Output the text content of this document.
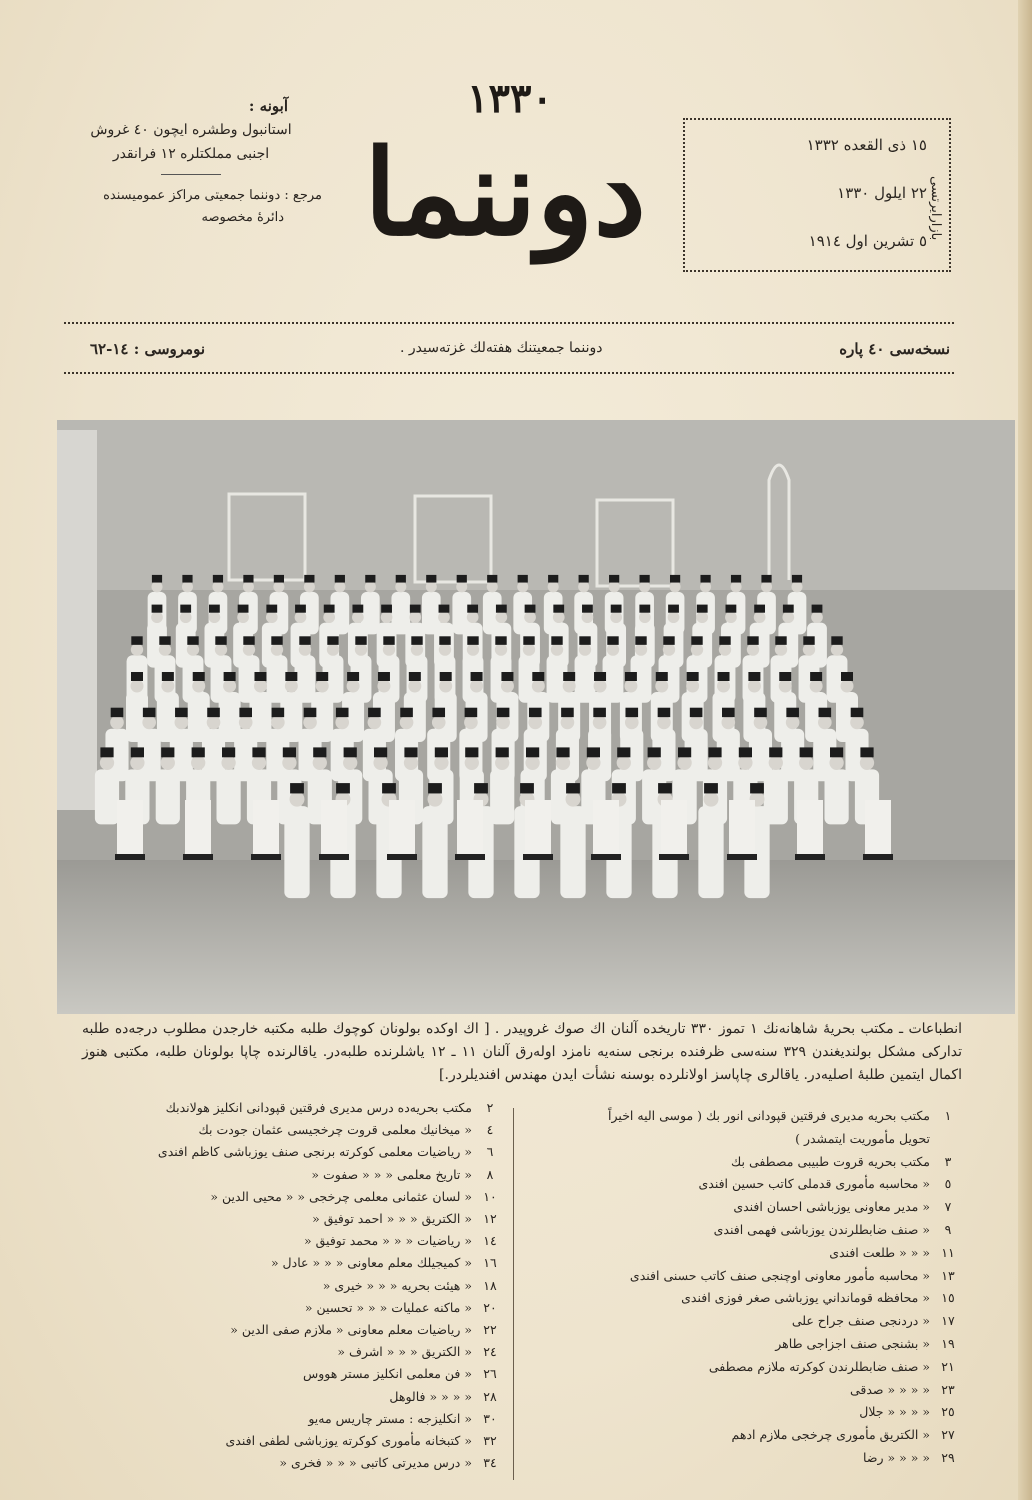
١٣٣٠
دوننما
آبونه :
استانبول وطشره ايچون ٤٠ غروش
اجنبی مملكتلره ١٢ فرانقدر
مرجع : دوننما جمعيتی مراكز عموميسنده
دائرهٔ مخصوصه	بازارایرتسی
١٥ ذی القعده ١٣٣٢
٢٢ ايلول ١٣٣٠
٥ تشرين اول ١٩١٤
نسخه‌سی ٤٠ پاره
دوننما جمعيتنك هفته‌لك غزته‌سيدر .
نومروسی : ١٤-٦٢
انطباعات ـ مكتب بحريهٔ شاهانه‌نك ١ تموز ٣٣٠ تاريخده آلنان اك صوك غروپيدر . [ اك اوكده بولونان كوچوك طلبه مكتبه خارجدن مطلوب درجه‌ده طلبه تداركی مشكل بولنديغندن ٣٢٩ سنه‌سی ظرفنده برنجی سنه‌يه نامزد اوله‌رق آلنان ١١ ـ ١٢ ياشلرنده طلبه‌در. ياقالرنده چاپا بولونان طلبه، مكتبی هنوز اكمال ايتمين طلبهٔ اصليه‌در. ياقالری چاپاسز اولانلرده بوسنه نشأت ايدن مهندس افنديلردر.]
مكتب بحريه مديری فرقتين قپودانی انور بك ( موسی اليه اخيراً	١
تحويل مأموريت ايتمشدر )
مكتب بحريه قروت طبيبی مصطفی بك	٣
« محاسبه مأموری قدملی كاتب حسين افندی	٥
« مدير معاونی يوزباشی احسان افندی	٧
« صنف ضابطلرندن يوزباشی فهمی افندی	٩
« « « طلعت افندی ١١
« محاسبه مأمور معاونی اوچنجی صنف كاتب حسنی افندی ١٣
« محافظه قومانداني يوزباشی صغر فوزی افندی ١٥
« دردنجی صنف جراح علی ١٧
« بشنجی صنف اجزاجی طاهر ١٩
« صنف ضابطلرندن كوكرته ملازم مصطفی ٢١
« « « « صدقی ٢٣
« « « « جلال ٢٥
« الكتريق مأموری چرخجی ملازم ادهم ٢٧
« « « « رضا ٢٩
مكتب بحريه‌ده درس مديری فرقتين قپودانی انكليز هولاندبك	٢
« ميخانيك معلمی قروت چرخجيسی عثمان جودت بك	٤
« رياضيات معلمی كوكرته برنجی صنف يوزباشی كاظم افندی	٦
« تاريخ معلمی « « « صفوت «	٨
« لسان عثمانی معلمی چرخجی « « محيی الدين « ١٠
« الكتريق « « « احمد توفيق « ١٢
« رياضيات « « « محمد توفيق « ١٤
« كميجيلك معلم معاونی « « « عادل « ١٦
« هيئت بحريه « « « خيری « ١٨
« ماكنه عمليات « « « تحسين « ٢٠
« رياضيات معلم معاونی « ملازم صفی الدين « ٢٢
« الكتريق « « « اشرف « ٢٤
« فن معلمی انكليز مستر هووس ٢٦
« « « « فالوهل ٢٨
« انكليزجه : مستر چاريس مه‌يو ٣٠
« كتبخانه مأموری كوكرته يوزباشی لطفی افندی ٣٢
« درس مديرتی كاتبی « « « فخری « ٣٤
